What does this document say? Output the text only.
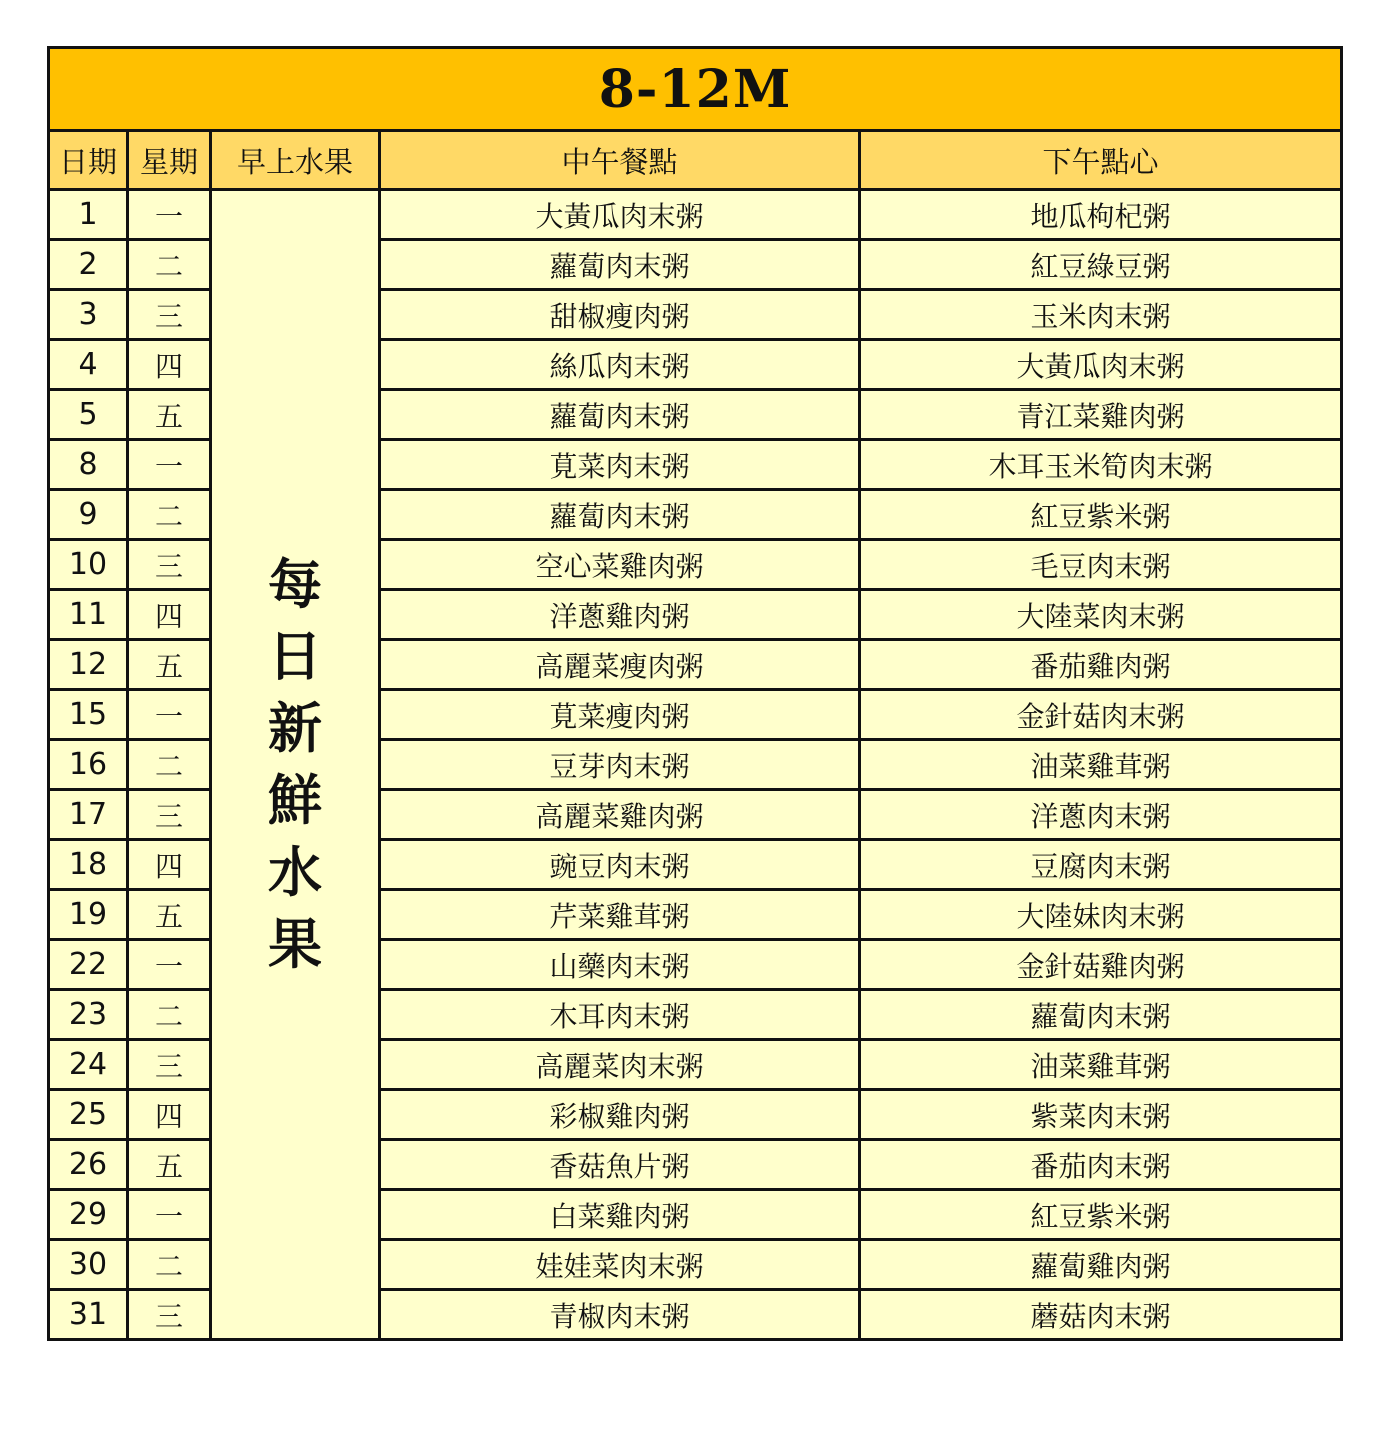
8-12M				
日期	星期	早上水果	中午餐點	下午點心
1	一	每日新鮮水果	大黃瓜肉末粥	地瓜枸杞粥
2	二		蘿蔔肉末粥	紅豆綠豆粥
3	三		甜椒瘦肉粥	玉米肉末粥
4	四		絲瓜肉末粥	大黃瓜肉末粥
5	五		蘿蔔肉末粥	青江菜雞肉粥
8	一		莧菜肉末粥	木耳玉米筍肉末粥
9	二		蘿蔔肉末粥	紅豆紫米粥
10	三		空心菜雞肉粥	毛豆肉末粥
11	四		洋蔥雞肉粥	大陸菜肉末粥
12	五		高麗菜瘦肉粥	番茄雞肉粥
15	一		莧菜瘦肉粥	金針菇肉末粥
16	二		豆芽肉末粥	油菜雞茸粥
17	三		高麗菜雞肉粥	洋蔥肉末粥
18	四		豌豆肉末粥	豆腐肉末粥
19	五		芹菜雞茸粥	大陸妹肉末粥
22	一		山藥肉末粥	金針菇雞肉粥
23	二		木耳肉末粥	蘿蔔肉末粥
24	三		高麗菜肉末粥	油菜雞茸粥
25	四		彩椒雞肉粥	紫菜肉末粥
26	五		香菇魚片粥	番茄肉末粥
29	一		白菜雞肉粥	紅豆紫米粥
30	二		娃娃菜肉末粥	蘿蔔雞肉粥
31	三		青椒肉末粥	蘑菇肉末粥
